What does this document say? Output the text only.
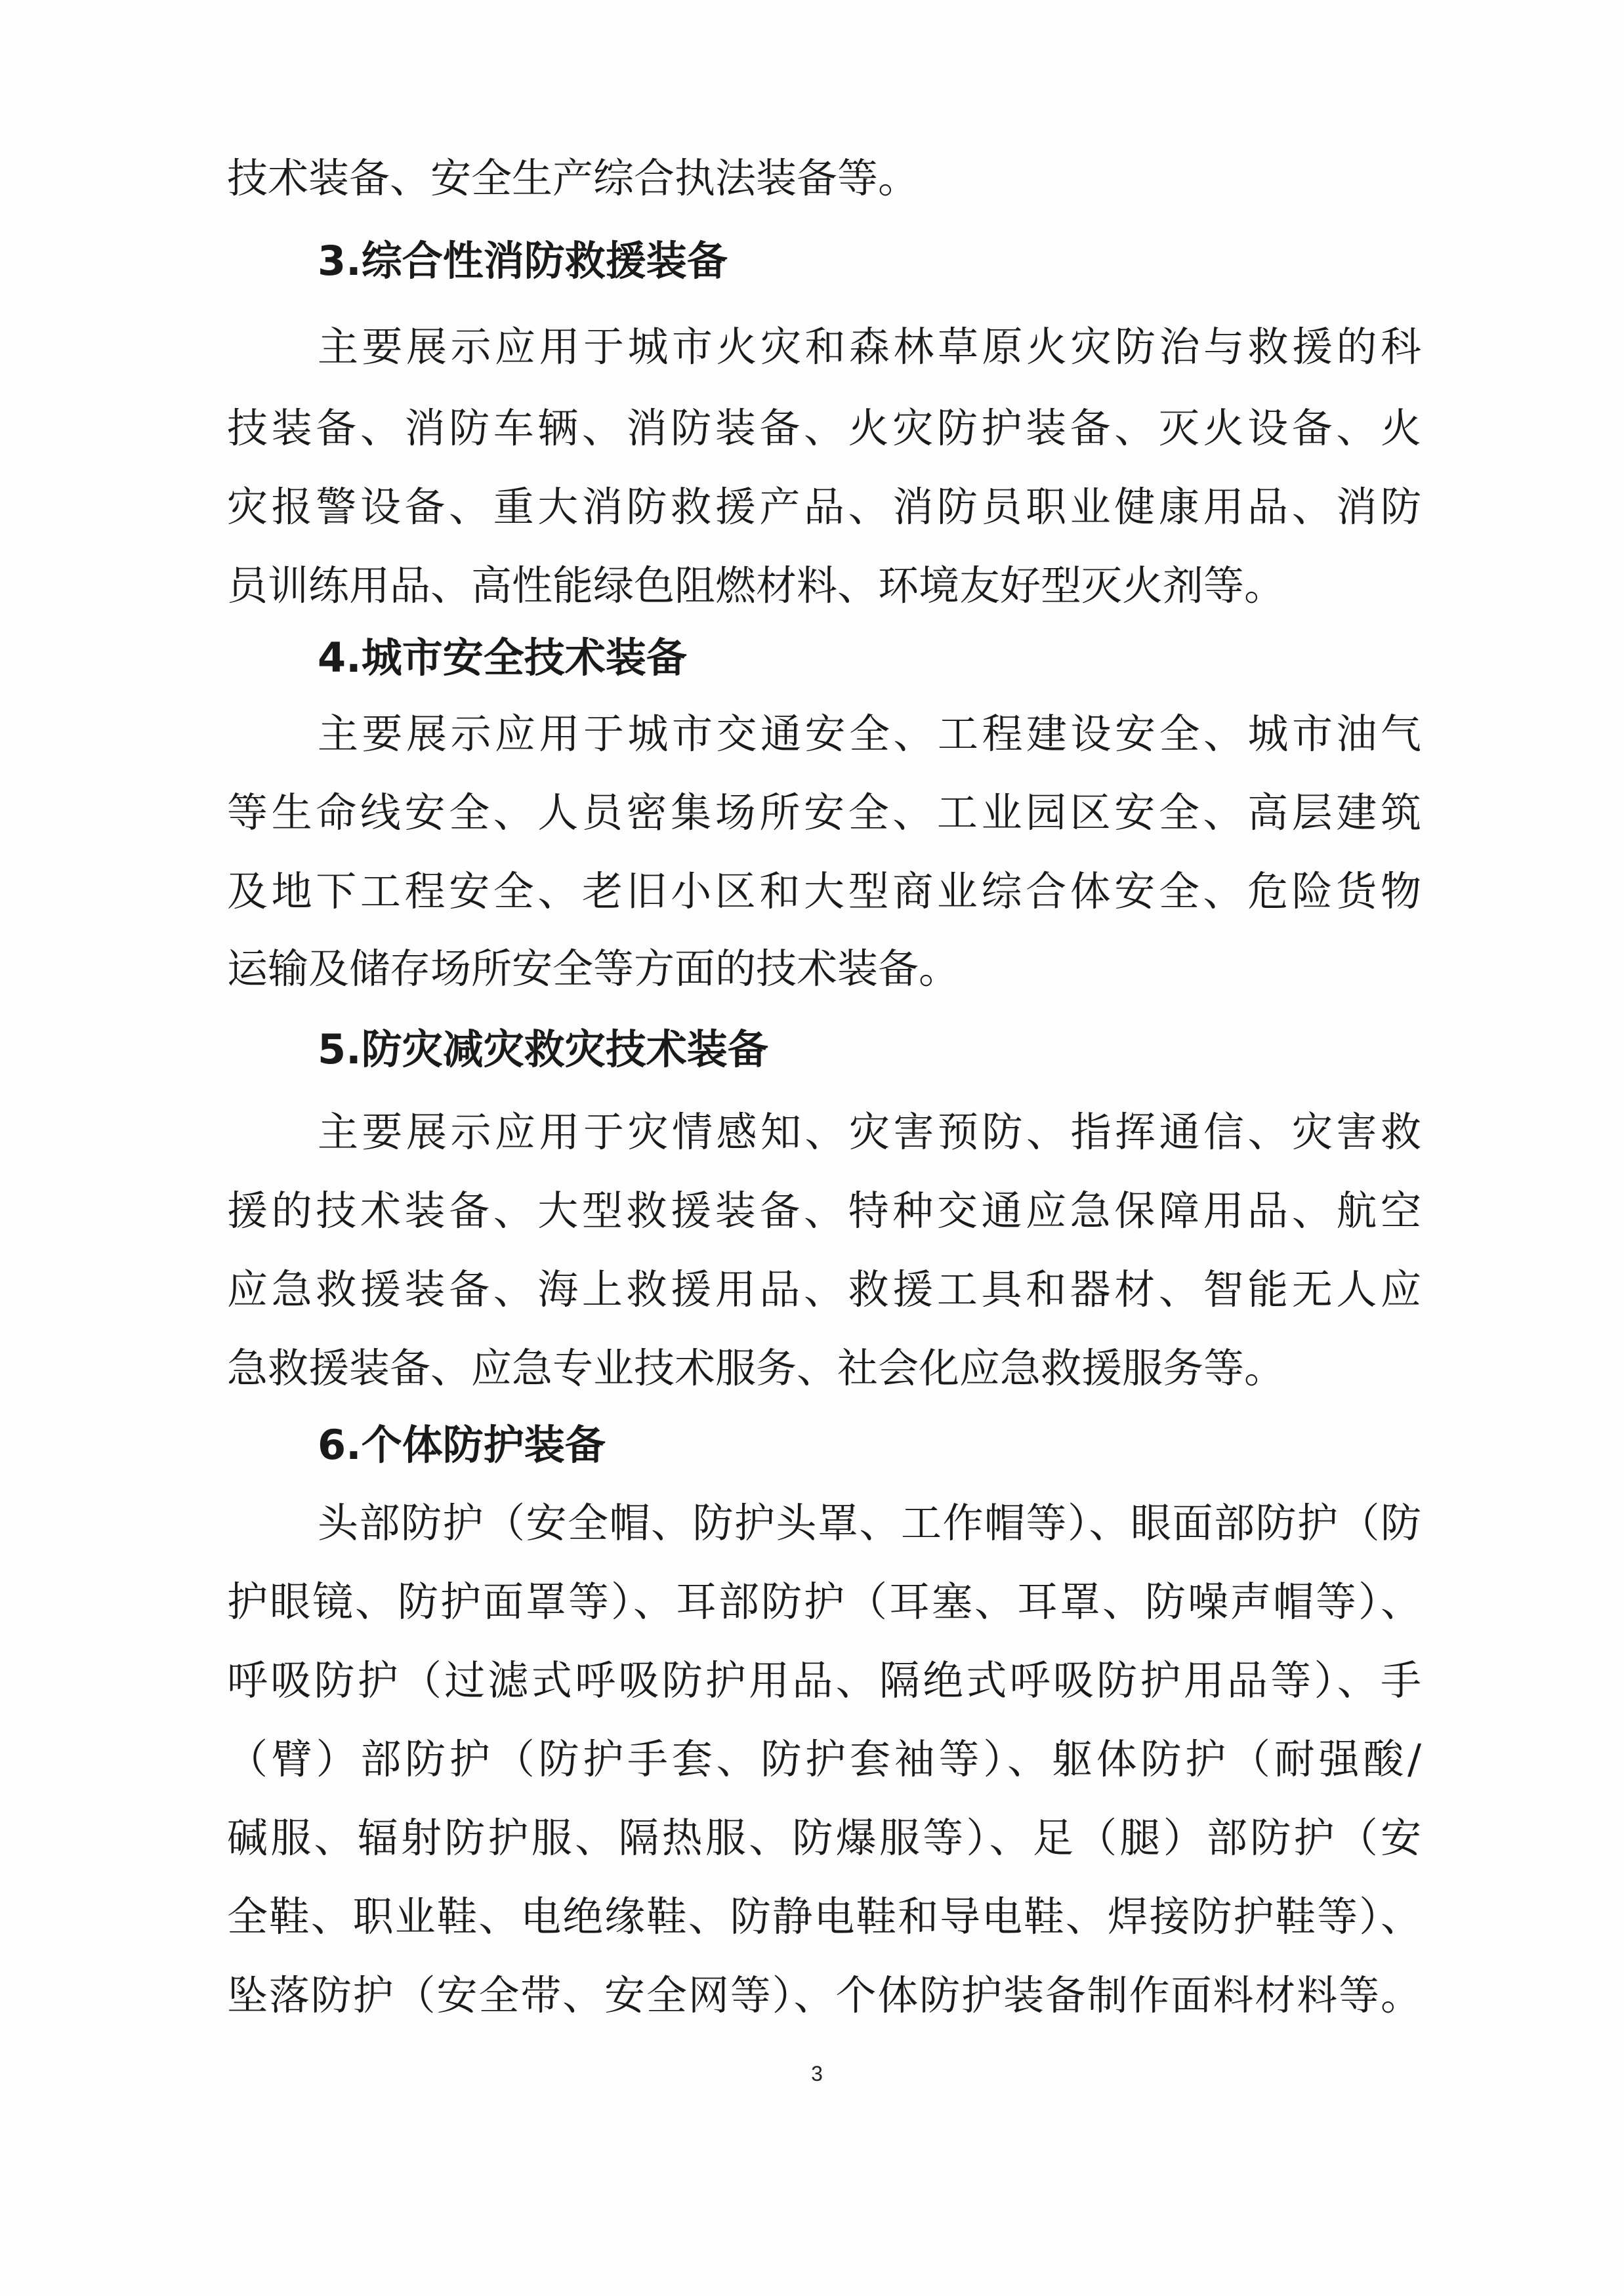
技术装备、安全生产综合执法装备等。
3.综合性消防救援装备
主要展示应用于城市火灾和森林草原火灾防治与救援的科
技装备、消防车辆、消防装备、火灾防护装备、灭火设备、火
灾报警设备、重大消防救援产品、消防员职业健康用品、消防
员训练用品、高性能绿色阻燃材料、环境友好型灭火剂等。
4.城市安全技术装备
主要展示应用于城市交通安全、工程建设安全、城市油气
等生命线安全、人员密集场所安全、工业园区安全、高层建筑
及地下工程安全、老旧小区和大型商业综合体安全、危险货物
运输及储存场所安全等方面的技术装备。
5.防灾减灾救灾技术装备
主要展示应用于灾情感知、灾害预防、指挥通信、灾害救
援的技术装备、大型救援装备、特种交通应急保障用品、航空
应急救援装备、海上救援用品、救援工具和器材、智能无人应
急救援装备、应急专业技术服务、社会化应急救援服务等。
6.个体防护装备
头部防护（安全帽、防护头罩、工作帽等）、眼面部防护（防
护眼镜、防护面罩等）、耳部防护（耳塞、耳罩、防噪声帽等）、
呼吸防护（过滤式呼吸防护用品、隔绝式呼吸防护用品等）、手
（臂）部防护（防护手套、防护套袖等）、躯体防护（耐强酸/
碱服、辐射防护服、隔热服、防爆服等）、足（腿）部防护（安
全鞋、职业鞋、电绝缘鞋、防静电鞋和导电鞋、焊接防护鞋等）、
坠落防护（安全带、安全网等）、个体防护装备制作面料材料等。
3
